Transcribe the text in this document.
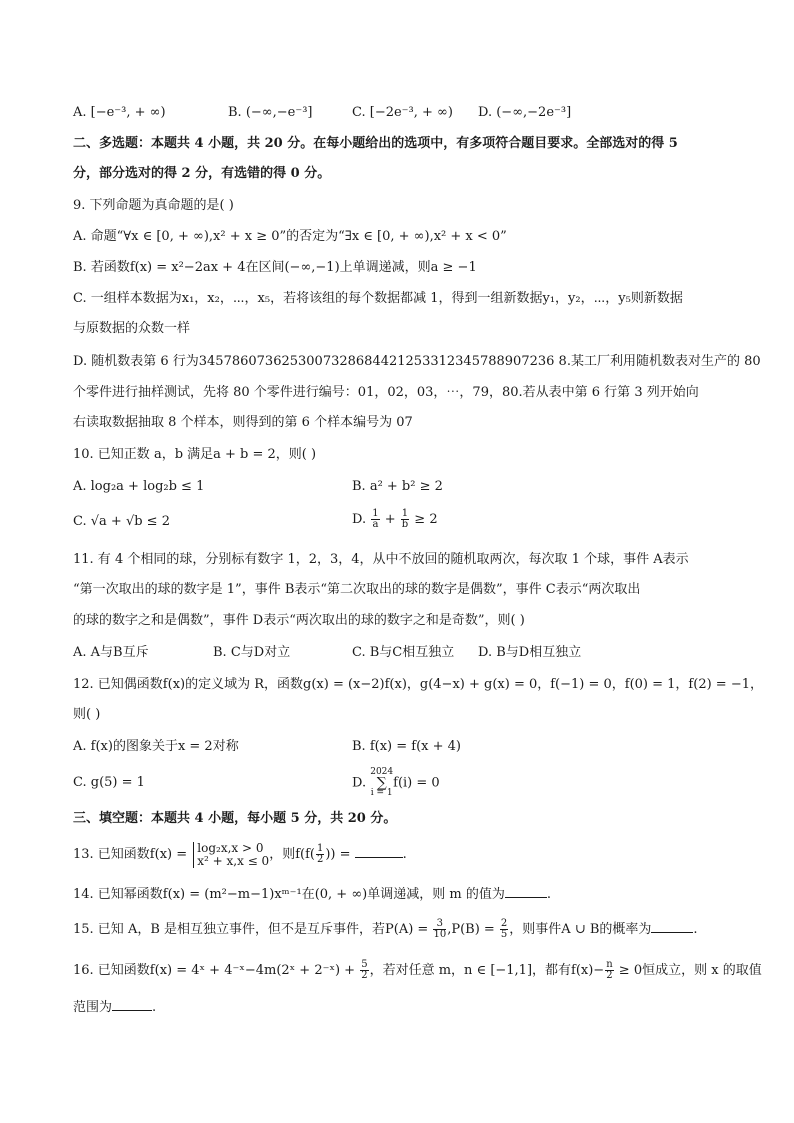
A. [−e⁻³, + ∞)	B. (−∞,−e⁻³]	C. [−2e⁻³, + ∞) D. (−∞,−2e⁻³]
二、多选题：本题共 4 小题，共 20 分。在每小题给出的选项中，有多项符合题目要求。全部选对的得 5
分，部分选对的得 2 分，有选错的得 0 分。
9. 下列命题为真命题的是( )
A. 命题“∀x ∈ [0, + ∞),x² + x ≥ 0”的否定为“∃x ∈ [0, + ∞),x² + x < 0”
B. 若函数f(x) = x²−2ax + 4在区间(−∞,−1)上单调递减，则a ≥ −1
C. 一组样本数据为x₁，x₂，⋯，x₅，若将该组的每个数据都减 1，得到一组新数据y₁，y₂，⋯，y₅则新数据
与原数据的众数一样
D. 随机数表第 6 行为3457860736253007328684421253312345788907236 8.某工厂利用随机数表对生产的 80
个零件进行抽样测试，先将 80 个零件进行编号：01，02，03，⋯，79，80.若从表中第 6 行第 3 列开始向
右读取数据抽取 8 个样本，则得到的第 6 个样本编号为 07
10. 已知正数 a，b 满足a + b = 2，则( )
A. log₂a + log₂b ≤ 1	B. a² + b² ≥ 2
C. √a + √b ≤ 2	D. $\frac{1}{a} + \frac{1}{b} \ge 2$
11. 有 4 个相同的球，分别标有数字 1，2，3，4，从中不放回的随机取两次，每次取 1 个球，事件 A表示
“第一次取出的球的数字是 1”，事件 B表示“第二次取出的球的数字是偶数”，事件 C表示“两次取出
的球的数字之和是偶数”，事件 D表示“两次取出的球的数字之和是奇数”，则( )
A. A与B互斥	B. C与D对立	C. B与C相互独立 D. B与D相互独立
12. 已知偶函数f(x)的定义域为 R，函数g(x) = (x−2)f(x)，g(4−x) + g(x) = 0，f(−1) = 0，f(0) = 1，f(2) = −1，
则( )
A. f(x)的图象关于x = 2对称	B. f(x) = f(x + 4)
C. g(5) = 1	D.
2024
∑
i = 1
f(i) = 0
三、填空题：本题共 4 小题，每小题 5 分，共 20 分。
13. 已知函数f(x) = log₂x,x > 0
x² + x,x ≤ 0 ，则$f(f( \frac{1}{2}$ )) =	.
14. 已知幂函数f(x) = (m²−m−1)xᵐ⁻¹在(0, + ∞)单调递减，则 m 的值为	.
15. 已知 A，B 是相互独立事件，但不是互斥事件，若$P(A) = \frac{3}{10} ,P(B) = \frac{2}{5}$ ，则事件A ∪ B的概率为	.
16. 已知函数f(x) = 4ˣ + 4⁻ˣ−4m(2ˣ + 2⁻ˣ) + $\frac{5}{2}$ ，若对任意 m，n ∈ [−1,1]，都有$f(x)- \frac{n}{2} \ge 0$恒成立，则 x 的取值
范围为	.
